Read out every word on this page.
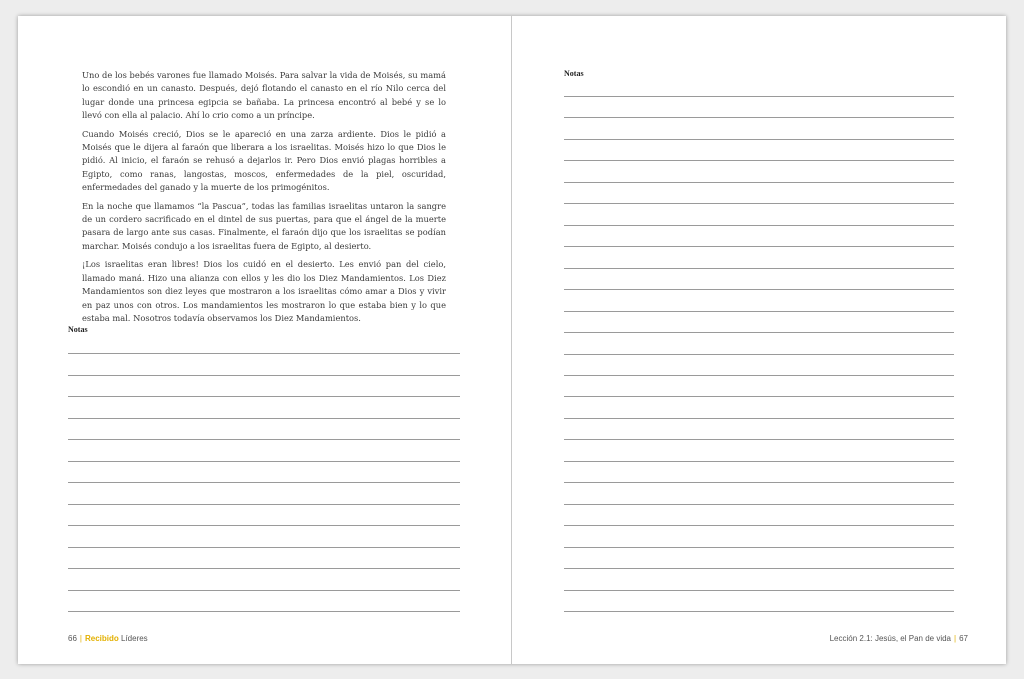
Uno de los bebés varones fue llamado Moisés. Para salvar la vida de Moisés, su mamá lo escondió en un canasto. Después, dejó flotando el canasto en el río Nilo cerca del lugar donde una princesa egipcia se bañaba. La princesa encontró al bebé y se lo llevó con ella al palacio. Ahí lo crio como a un príncipe.

Cuando Moisés creció, Dios se le apareció en una zarza ardiente. Dios le pidió a Moisés que le dijera al faraón que liberara a los israelitas. Moisés hizo lo que Dios le pidió. Al inicio, el faraón se rehusó a dejarlos ir. Pero Dios envió plagas horribles a Egipto, como ranas, langostas, moscos, enfermedades de la piel, oscuridad, enfermedades del ganado y la muerte de los primogénitos.

En la noche que llamamos “la Pascua”, todas las familias israelitas untaron la sangre de un cordero sacrificado en el dintel de sus puertas, para que el ángel de la muerte pasara de largo ante sus casas. Finalmente, el faraón dijo que los israelitas se podían marchar. Moisés condujo a los israelitas fuera de Egipto, al desierto.

¡Los israelitas eran libres! Dios los cuidó en el desierto. Les envió pan del cielo, llamado maná. Hizo una alianza con ellos y les dio los Diez Mandamientos. Los Diez Mandamientos son diez leyes que mostraron a los israelitas cómo amar a Dios y vivir en paz unos con otros. Los mandamientos les mostraron lo que estaba bien y lo que estaba mal. Nosotros todavía observamos los Diez Mandamientos.

Notas
66 | Recibido Líderes
Notas
Lección 2.1: Jesús, el Pan de vida | 67
